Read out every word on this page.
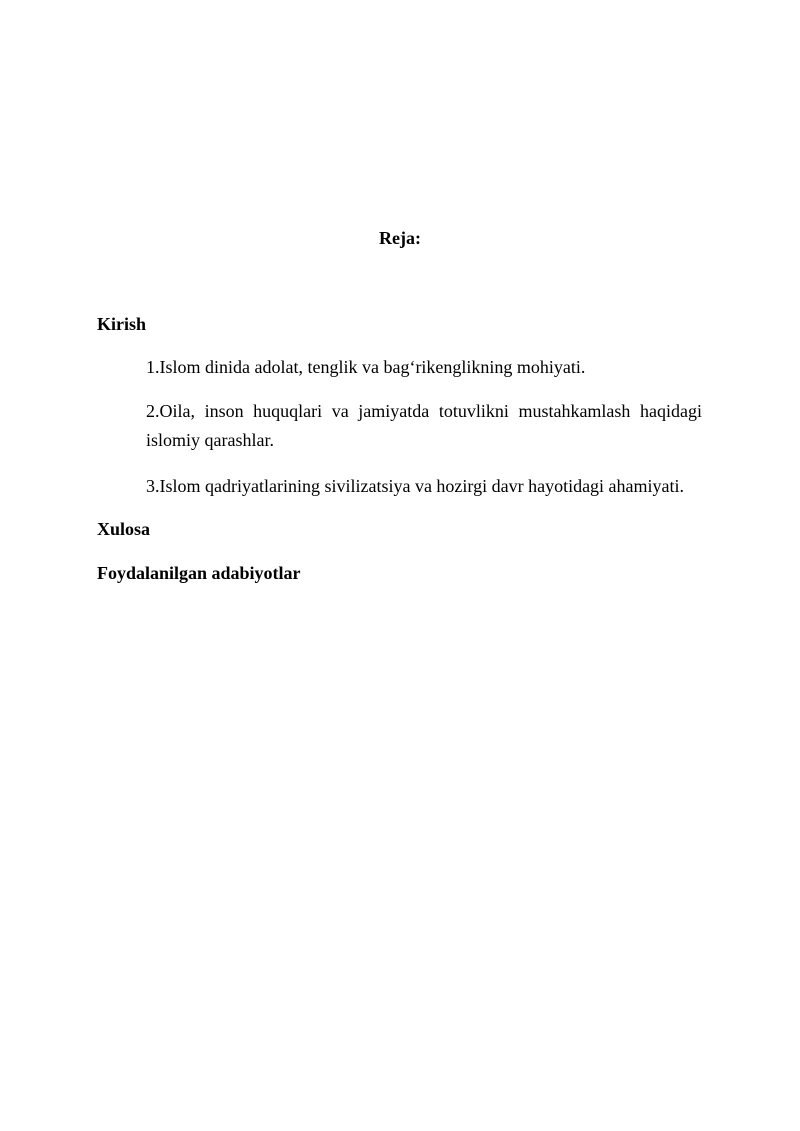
Reja:
Kirish
1.Islom dinida adolat, tenglik va bag‘rikenglikning mohiyati.
2.Oila, inson huquqlari va jamiyatda totuvlikni mustahkamlash haqidagi
islomiy qarashlar.
3.Islom qadriyatlarining sivilizatsiya va hozirgi davr hayotidagi ahamiyati.
Xulosa
Foydalanilgan adabiyotlar
